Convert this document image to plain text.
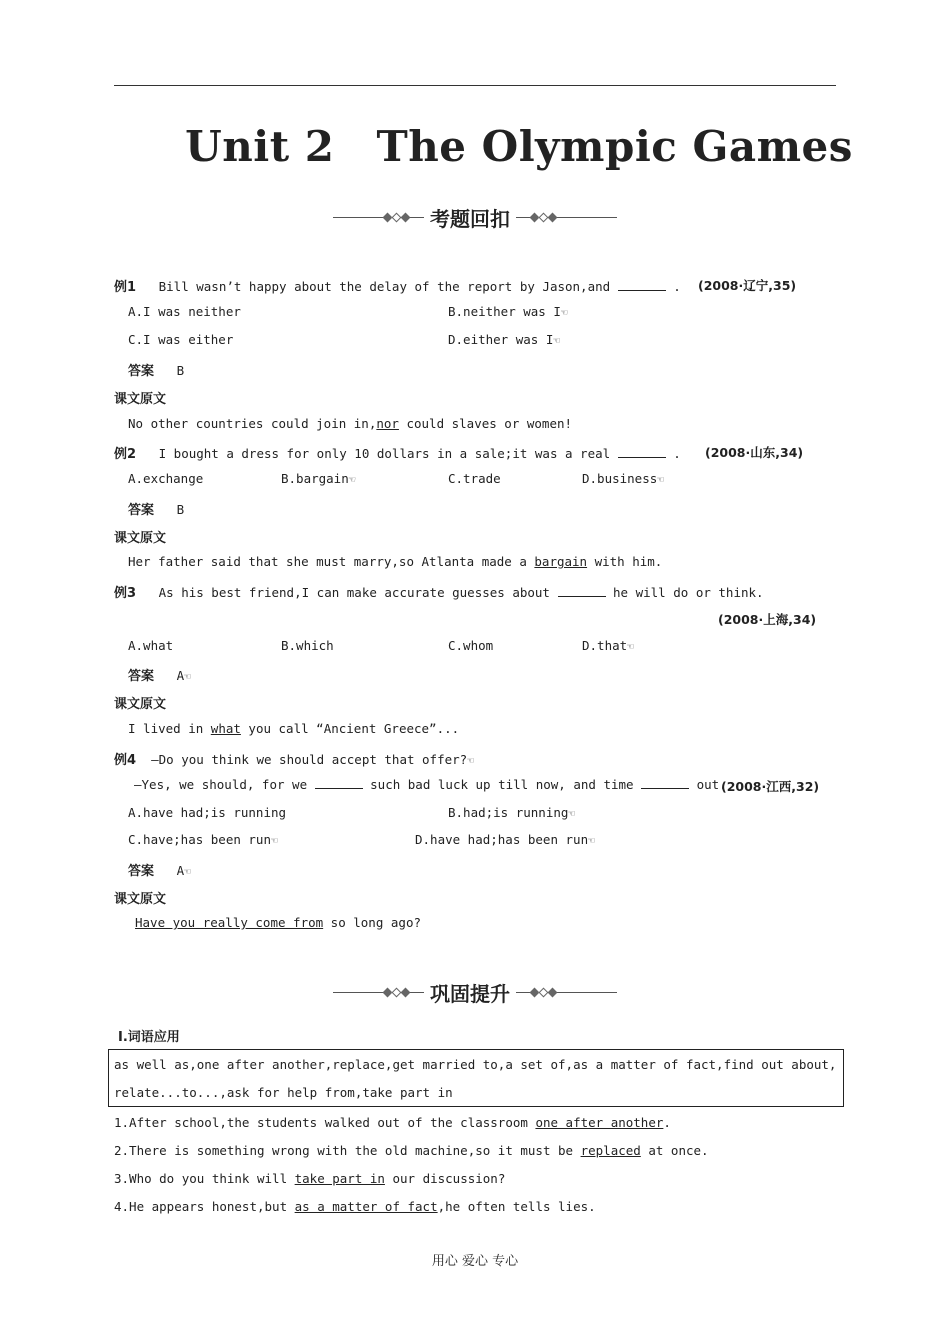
Unit 2 The Olympic Games
考题回扣
例1 Bill wasn’t happy about the delay of the report by Jason,and	. (2008·辽宁,35)
A.I was neither	B.neither was I☜
C.I was either	D.either was I☜
答案 B
课文原文
No other countries could join in,nor could slaves or women!
例2 I bought a dress for only 10 dollars in a sale;it was a real	. (2008·山东,34)
A.exchange	B.bargain☜	C.trade	D.business☜
答案 B
课文原文
Her father said that she must marry,so Atlanta made a bargain with him.
例3 As his best friend,I can make accurate guesses about	he will do or think.
(2008·上海,34)
A.what	B.which	C.whom	D.that☜
答案 A☜
课文原文
I lived in what you call “Ancient Greece”...
例4 —Do you think we should accept that offer?☜
—Yes, we should, for we	such bad luck up till now, and time	out.
(2008·江西,32)
A.have had;is running	B.had;is running☜
C.have;has been run☜	D.have had;has been run☜
答案 A☜
课文原文
Have you really come from so long ago?
巩固提升
Ⅰ.词语应用
as well as,one after another,replace,get married to,a set of,as a matter of fact,find out about,
relate...to...,ask for help from,take part in
1.After school,the students walked out of the classroom one after another.
2.There is something wrong with the old machine,so it must be replaced at once.
3.Who do you think will take part in our discussion?
4.He appears honest,but as a matter of fact,he often tells lies.
用心 爱心 专心
